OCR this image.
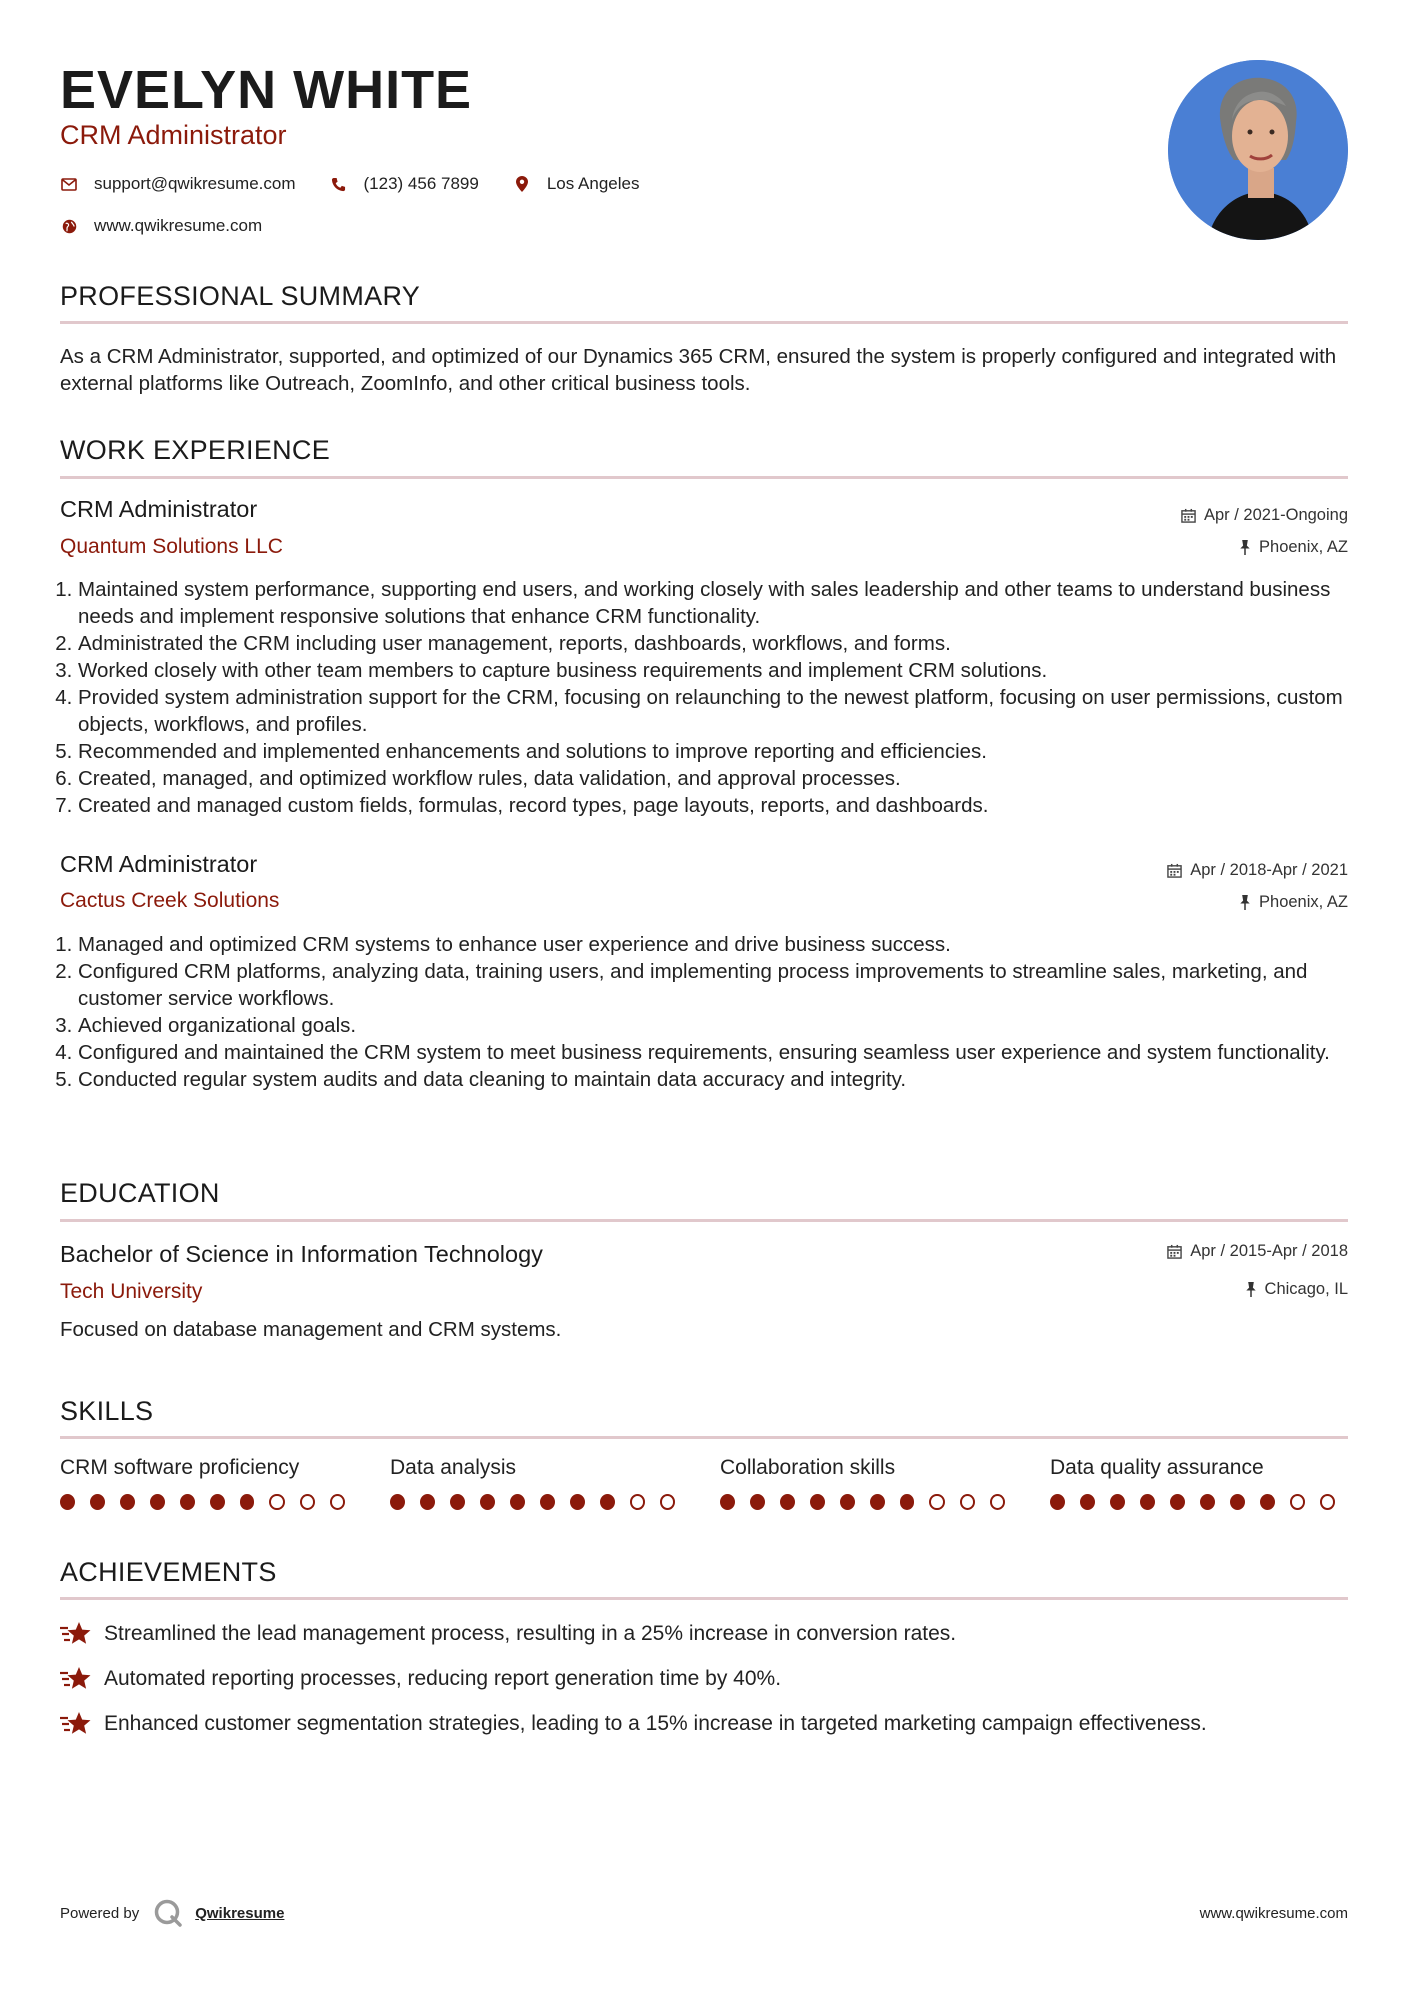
EVELYN WHITE
CRM Administrator
support@qwikresume.com	(123) 456 7899	Los Angeles
www.qwikresume.com
PROFESSIONAL SUMMARY

As a CRM Administrator, supported, and optimized of our Dynamics 365 CRM, ensured the system is properly configured and integrated with external platforms like Outreach, ZoomInfo, and other critical business tools.

WORK EXPERIENCE
CRM Administrator	Apr / 2021-Ongoing
Quantum Solutions LLC	Phoenix, AZ
1. Maintained system performance, supporting end users, and working closely with sales leadership and other teams to understand business needs and implement responsive solutions that enhance CRM functionality.
2. Administrated the CRM including user management, reports, dashboards, workflows, and forms.
3. Worked closely with other team members to capture business requirements and implement CRM solutions.
4. Provided system administration support for the CRM, focusing on relaunching to the newest platform, focusing on user permissions, custom objects, workflows, and profiles.
5. Recommended and implemented enhancements and solutions to improve reporting and efficiencies.
6. Created, managed, and optimized workflow rules, data validation, and approval processes.
7. Created and managed custom fields, formulas, record types, page layouts, reports, and dashboards.
CRM Administrator	Apr / 2018-Apr / 2021
Cactus Creek Solutions	Phoenix, AZ
1. Managed and optimized CRM systems to enhance user experience and drive business success.
2. Configured CRM platforms, analyzing data, training users, and implementing process improvements to streamline sales, marketing, and customer service workflows.
3. Achieved organizational goals.
4. Configured and maintained the CRM system to meet business requirements, ensuring seamless user experience and system functionality.
5. Conducted regular system audits and data cleaning to maintain data accuracy and integrity.
EDUCATION
Bachelor of Science in Information Technology	Apr / 2015-Apr / 2018
Tech University	Chicago, IL

Focused on database management and CRM systems.

SKILLS
CRM software proficiency	Data analysis	Collaboration skills	Data quality assurance
ACHIEVEMENTS
Streamlined the lead management process, resulting in a 25% increase in conversion rates.
Automated reporting processes, reducing report generation time by 40%.
Enhanced customer segmentation strategies, leading to a 15% increase in targeted marketing campaign effectiveness.
Powered by	Qwikresume	www.qwikresume.com
